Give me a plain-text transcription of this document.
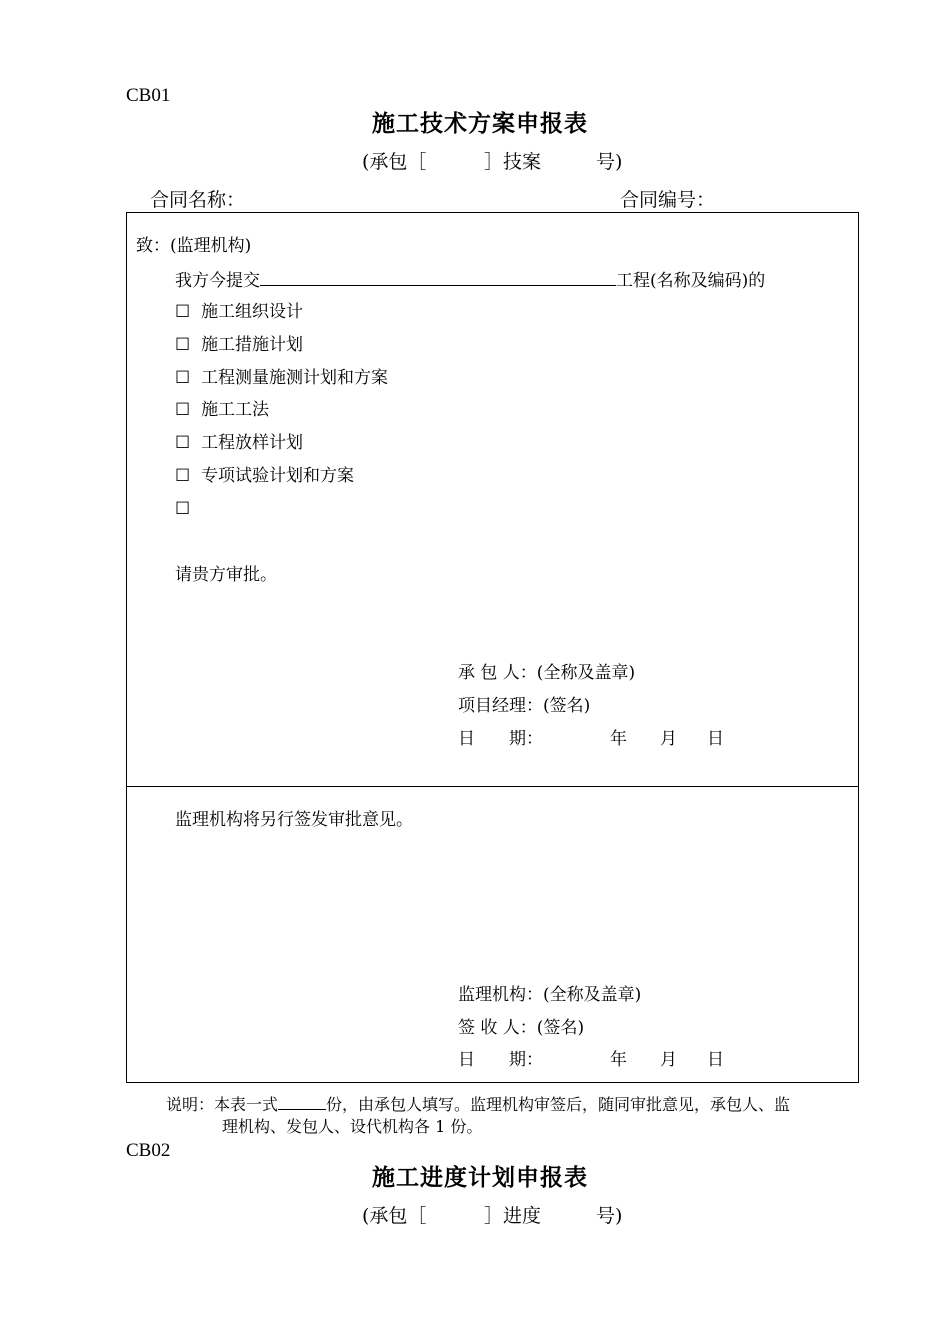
CB01
施工技术方案申报表
(承包［	］技案	号)
合同名称：	合同编号：
致：(监理机构)
我方今提交	工程(名称及编码)的
☐ 施工组织设计
☐ 施工措施计划
☐ 工程测量施测计划和方案
☐ 施工工法
☐ 工程放样计划
☐ 专项试验计划和方案
☐
请贵方审批。
承 包 人：(全称及盖章)
项目经理：(签名)
日　　期：	年 月 日
监理机构将另行签发审批意见。
监理机构：(全称及盖章)
签 收 人：(签名)
日　　期：	年 月 日
说明：本表一式	份，由承包人填写。监理机构审签后，随同审批意见，承包人、监
理机构、发包人、设代机构各 1 份。
CB02
施工进度计划申报表
(承包［	］进度	号)
